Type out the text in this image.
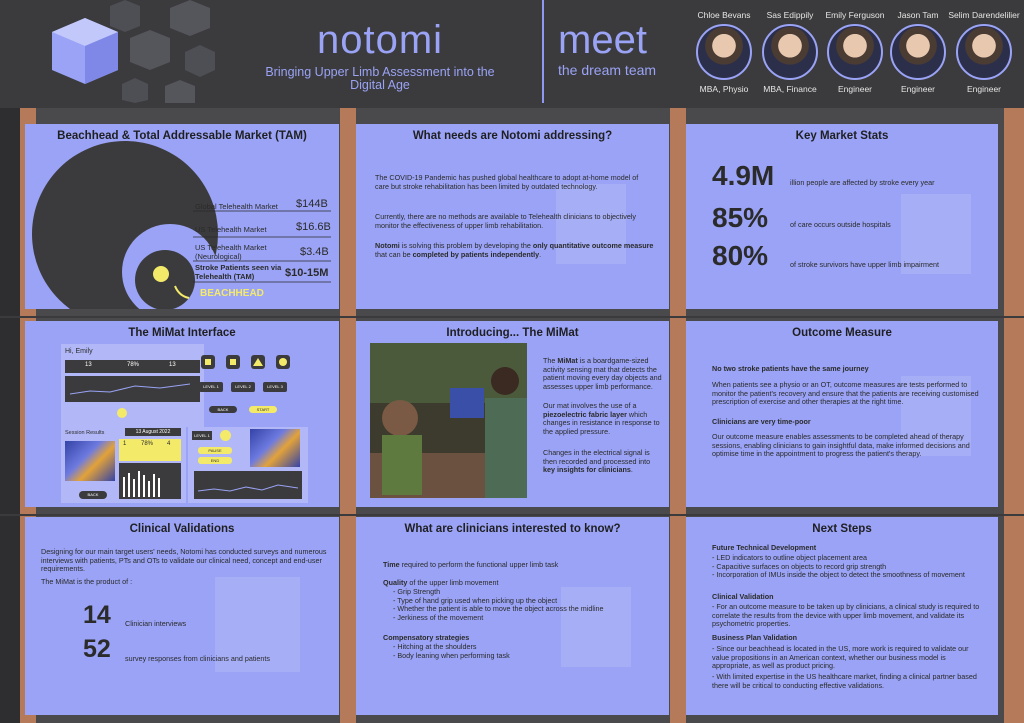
notomi
Bringing Upper Limb Assessment into the Digital Age
meet
the dream team
Chloe Bevans
MBA, Physio
Sas Edippily
MBA, Finance
Emily Ferguson
Engineer
Jason Tam
Engineer
Selim Darendelilier
Engineer
Beachhead & Total Addressable Market (TAM)
Global Telehealth Market $144B
US Telehealth Market	$16.6B
US Telehealth Market (Neurological)	$3.4B
Stroke Patients seen via Telehealth (TAM)	$10-15M
BEACHHEAD
What needs are Notomi addressing?
The COVID-19 Pandemic has pushed global healthcare to adopt at-home model of care but stroke rehabilitation has been limited by outdated technology.
Currently, there are no methods are available to Telehealth clinicians to objectively monitor the effectiveness of upper limb rehabilitation.
Notomi is solving this problem by developing the only quantitative outcome measure that can be completed by patients independently.
Key Market Stats
4.9M illion people are affected by stroke every year
85%	of care occurs outside hospitals
80%	of stroke survivors have upper limb impairment
The MiMat Interface
Hi, Emily
13	78%	13
LEVEL 1	LEVEL 2	LEVEL 3
BACK	START
Session Results	13 August 2022
1 78% 4
BACK
LEVEL 1
PAUSE
END
Introducing... The MiMat
The MiMat is a boardgame-sized activity sensing mat that detects the patient moving every day objects and assesses upper limb performance.
Our mat involves the use of a piezoelectric fabric layer which changes in resistance in response to the applied pressure.
Changes in the electrical signal is then recorded and processed into key insights for clinicians.
Outcome Measure
No two stroke patients have the same journey
When patients see a physio or an OT, outcome measures are tests performed to monitor the patient's recovery and ensure that the patients are receiving customised prescription of exercise and other therapies at the right time.
Clinicians are very time-poor
Our outcome measure enables assessments to be completed ahead of therapy sessions, enabling clinicians to gain insightful data, make informed decisions and optimise time in the appointment to progress the patient's therapy.
Clinical Validations
Designing for our main target users' needs, Notomi has conducted surveys and numerous interviews with patients, PTs and OTs to validate our clinical need, concept and end-user requirements.
The MiMat is the product of :
14 Clinician interviews
52 survey responses from clinicians and patients
What are clinicians interested to know?
Time required to perform the functional upper limb task
Quality of the upper limb movement
- Grip Strength
- Type of hand grip used when picking up the object
- Whether the patient is able to move the object across the midline
- Jerkiness of the movement
Compensatory strategies
- Hitching at the shoulders
- Body leaning when performing task
Next Steps
Future Technical Development
- LED indicators to outline object placement area
- Capacitive surfaces on objects to record grip strength
- Incorporation of IMUs inside the object to detect the smoothness of movement
Clinical Validation
- For an outcome measure to be taken up by clinicians, a clinical study is required to correlate the results from the device with upper limb movement, and validate its psychometric properties.
Business Plan Validation
- Since our beachhead is located in the US, more work is required to validate our value propositions in an American context, whether our business model is appropriate, as well as product pricing.
- With limited expertise in the US healthcare market, finding a clinical partner based there will be critical to conducting effective validations.
